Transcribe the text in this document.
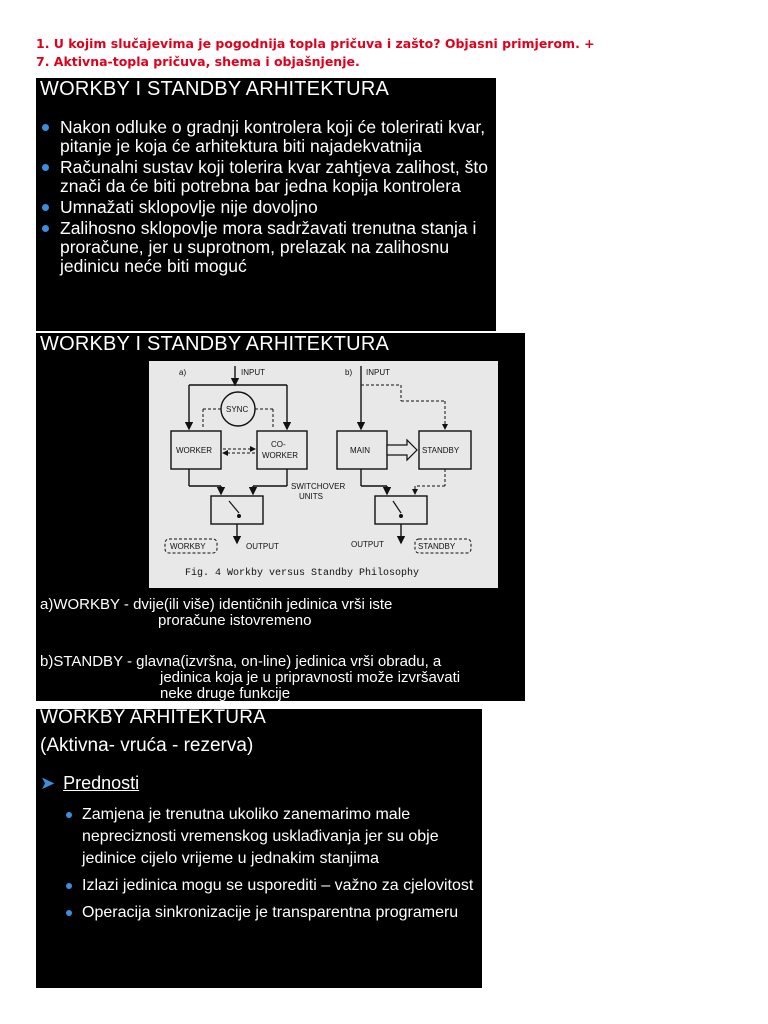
1. U kojim slučajevima je pogodnija topla pričuva i zašto? Objasni primjerom. +
7. Aktivna-topla pričuva, shema i objašnjenje.
WORKBY I STANDBY ARHITEKTURA
Nakon odluke o gradnji kontrolera koji će tolerirati kvar, pitanje je koja će arhitektura biti najadekvatnija
Računalni sustav koji tolerira kvar zahtjeva zalihost, što znači da će biti potrebna bar jedna kopija kontrolera
Umnažati sklopovlje nije dovoljno
Zalihosno sklopovlje mora sadržavati trenutna stanja i proračune, jer u suprotnom, prelazak na zalihosnu jedinicu neće biti moguć
WORKBY I STANDBY ARHITEKTURA
a)	INPUT
SYNC
WORKER
CO-
WORKER
OUTPUT
WORKBY
SWITCHOVER
UNITS
b) INPUT
MAIN	STANDBY
OUTPUT	STANDBY
Fig. 4 Workby versus Standby Philosophy
a)WORKBY - dvije(ili više) identičnih jedinica vrši iste
proračune istovremeno
b)STANDBY - glavna(izvršna, on-line) jedinica vrši obradu, a
jedinica koja je u pripravnosti može izvršavati
neke druge funkcije
WORKBY ARHITEKTURA
(Aktivna- vruća - rezerva)
➤ Prednosti
Zamjena je trenutna ukoliko zanemarimo male nepreciznosti vremenskog usklađivanja jer su obje jedinice cijelo vrijeme u jednakim stanjima
Izlazi jedinica mogu se usporediti – važno za cjelovitost
Operacija sinkronizacije je transparentna programeru
